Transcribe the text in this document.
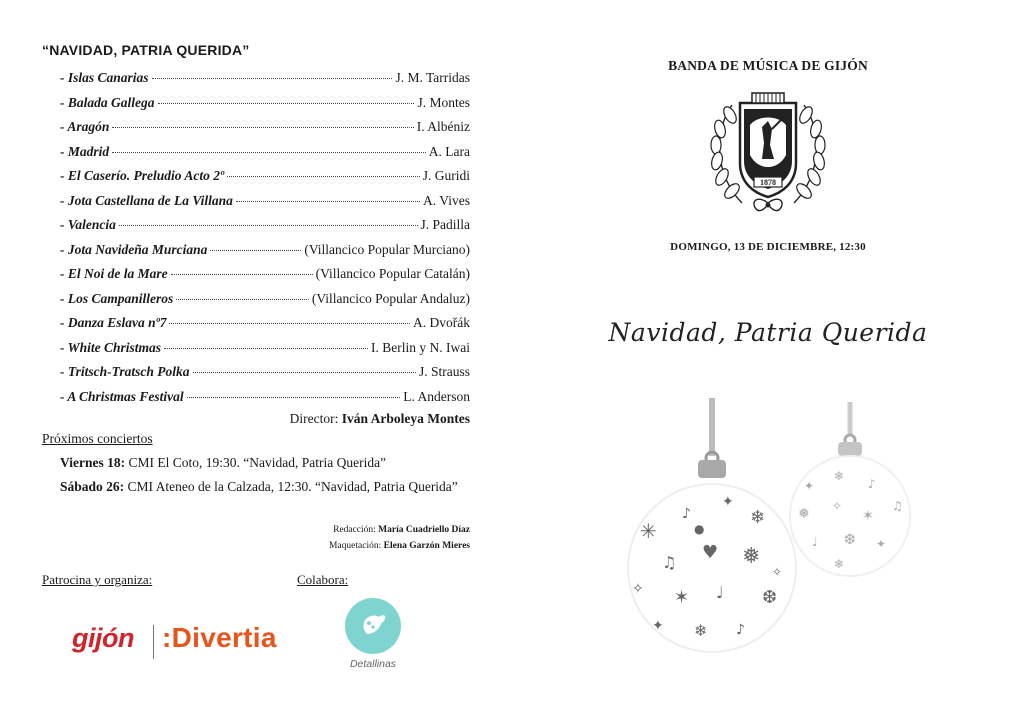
“NAVIDAD, PATRIA QUERIDA”
- Islas Canarias	J. M. Tarridas
- Balada Gallega	J. Montes
- Aragón	I. Albéniz
- Madrid	A. Lara
- El Caserío. Preludio Acto 2º	J. Guridi
- Jota Castellana de La Villana	A. Vives
- Valencia	J. Padilla
- Jota Navideña Murciana	(Villancico Popular Murciano)
- El Noi de la Mare	(Villancico Popular Catalán)
- Los Campanilleros	(Villancico Popular Andaluz)
- Danza Eslava nº7	A. Dvořák
- White Christmas	I. Berlin y N. Iwai
- Tritsch-Tratsch Polka	J. Strauss
- A Christmas Festival	L. Anderson
Director: Iván Arboleya Montes
Próximos conciertos
Viernes 18: CMI El Coto, 19:30. “Navidad, Patria Querida”
Sábado 26: CMI Ateneo de la Calzada, 12:30. “Navidad, Patria Querida”
Redacción: María Cuadriello Díaz
Maquetación: Elena Garzón Mieres
Patrocina y organiza:	Colabora:
gijón :Divertia
Detallinas
BANDA DE MÚSICA DE GIJÓN
1878
DOMINGO, 13 DE DICIEMBRE, 12:30
Navidad, Patria Querida
✳
♪
✦
❄
♫ ♥ ❅
✧ ✶ ♩ ❆
✦ ❄ ♪
✧
●
✦
❄
♪
❅ ✧
✶
♫
♩ ❆ ✦
❄
